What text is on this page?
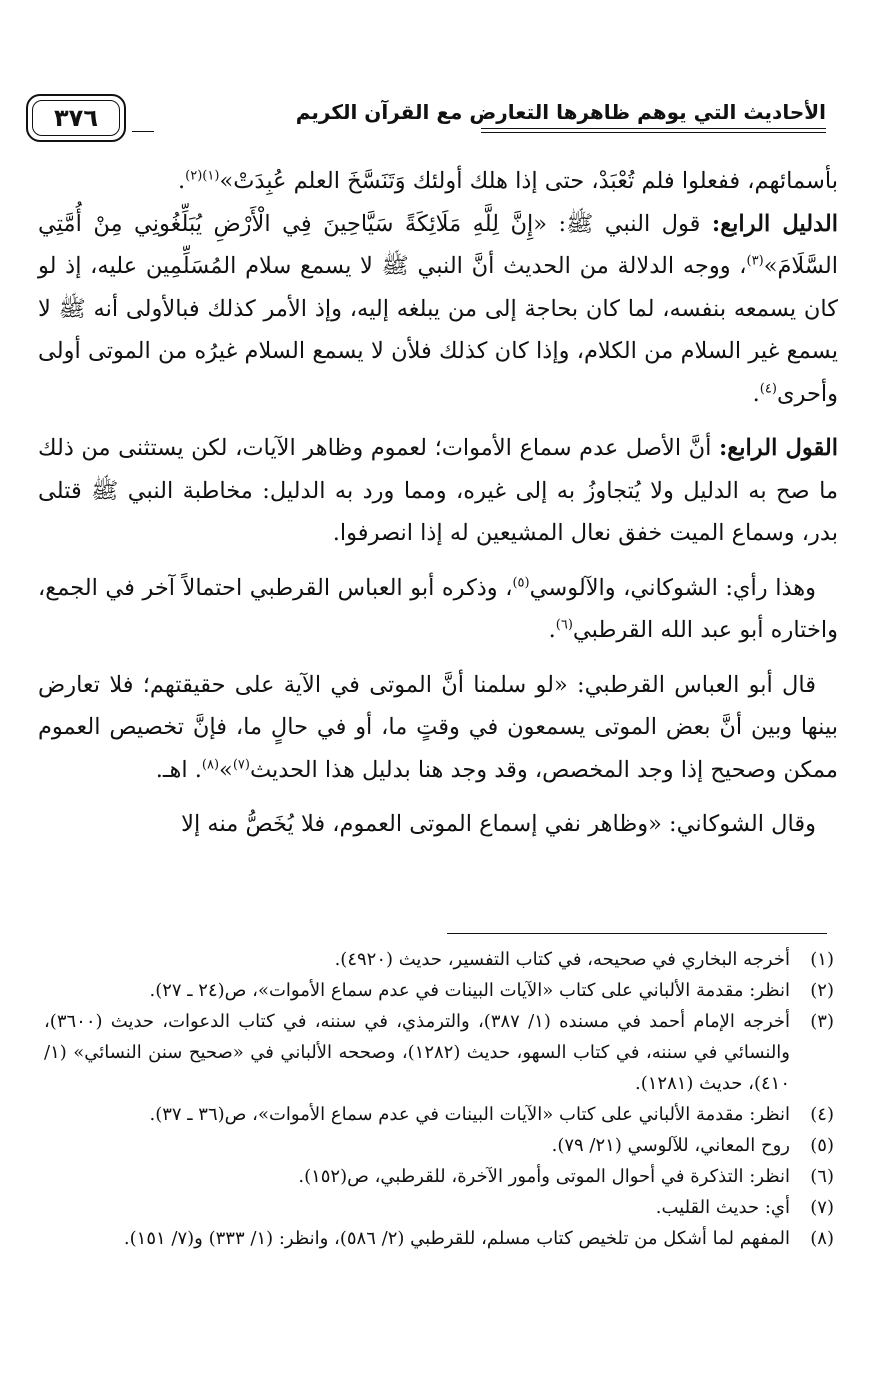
٣٧٦	الأحاديث التي يوهم ظاهرها التعارض مع القرآن الكريم

بأسمائهم، ففعلوا فلم تُعْبَدْ، حتى إذا هلك أولئك وَتَنَسَّخَ العلم عُبِدَتْ»$^{(١)(٢)}$.

الدليل الرابع: قول النبي ﷺ: «إِنَّ لِلَّهِ مَلَائِكَةً سَيَّاحِينَ فِي الْأَرْضِ يُبَلِّغُونِي مِنْ أُمَّتِي السَّلَامَ»$^{(٣)}$، ووجه الدلالة من الحديث أنَّ النبي ﷺ لا يسمع سلام المُسَلِّمِين عليه، إذ لو كان يسمعه بنفسه، لما كان بحاجة إلى من يبلغه إليه، وإذ الأمر كذلك فبالأولى أنه ﷺ لا يسمع غير السلام من الكلام، وإذا كان كذلك فلأن لا يسمع السلام غيرُه من الموتى أولى وأحرى$^{(٤)}$.

القول الرابع: أنَّ الأصل عدم سماع الأموات؛ لعموم وظاهر الآيات، لكن يستثنى من ذلك ما صح به الدليل ولا يُتجاوزُ به إلى غيره، ومما ورد به الدليل: مخاطبة النبي ﷺ قتلى بدر، وسماع الميت خفق نعال المشيعين له إذا انصرفوا.

وهذا رأي: الشوكاني، والآلوسي$^{(٥)}$، وذكره أبو العباس القرطبي احتمالاً آخر في الجمع، واختاره أبو عبد الله القرطبي$^{(٦)}$.

قال أبو العباس القرطبي: «لو سلمنا أنَّ الموتى في الآية على حقيقتهم؛ فلا تعارض بينها وبين أنَّ بعض الموتى يسمعون في وقتٍ ما، أو في حالٍ ما، فإنَّ تخصيص العموم ممكن وصحيح إذا وجد المخصص، وقد وجد هنا بدليل هذا الحديث$^{(٧)}$»$^{(٨)}$. اهـ.

وقال الشوكاني: «وظاهر نفي إسماع الموتى العموم، فلا يُخَصُّ منه إلا

(١)
أخرجه البخاري في صحيحه، في كتاب التفسير، حديث (٤٩٢٠).
(٢)
انظر: مقدمة الألباني على كتاب «الآيات البينات في عدم سماع الأموات»، ص(٢٤ ـ ٢٧).
(٣)
أخرجه الإمام أحمد في مسنده (١/ ٣٨٧)، والترمذي، في سننه، في كتاب الدعوات، حديث (٣٦٠٠)، والنسائي في سننه، في كتاب السهو، حديث (١٢٨٢)، وصححه الألباني في «صحيح سنن النسائي» (١/ ٤١٠)، حديث (١٢٨١).
(٤)
انظر: مقدمة الألباني على كتاب «الآيات البينات في عدم سماع الأموات»، ص(٣٦ ـ ٣٧).
(٥)
روح المعاني، للآلوسي (٢١/ ٧٩).
(٦)
انظر: التذكرة في أحوال الموتى وأمور الآخرة، للقرطبي، ص(١٥٢).
(٧)
أي: حديث القليب.
(٨)
المفهم لما أشكل من تلخيص كتاب مسلم، للقرطبي (٢/ ٥٨٦)، وانظر: (١/ ٣٣٣) و(٧/ ١٥١).
